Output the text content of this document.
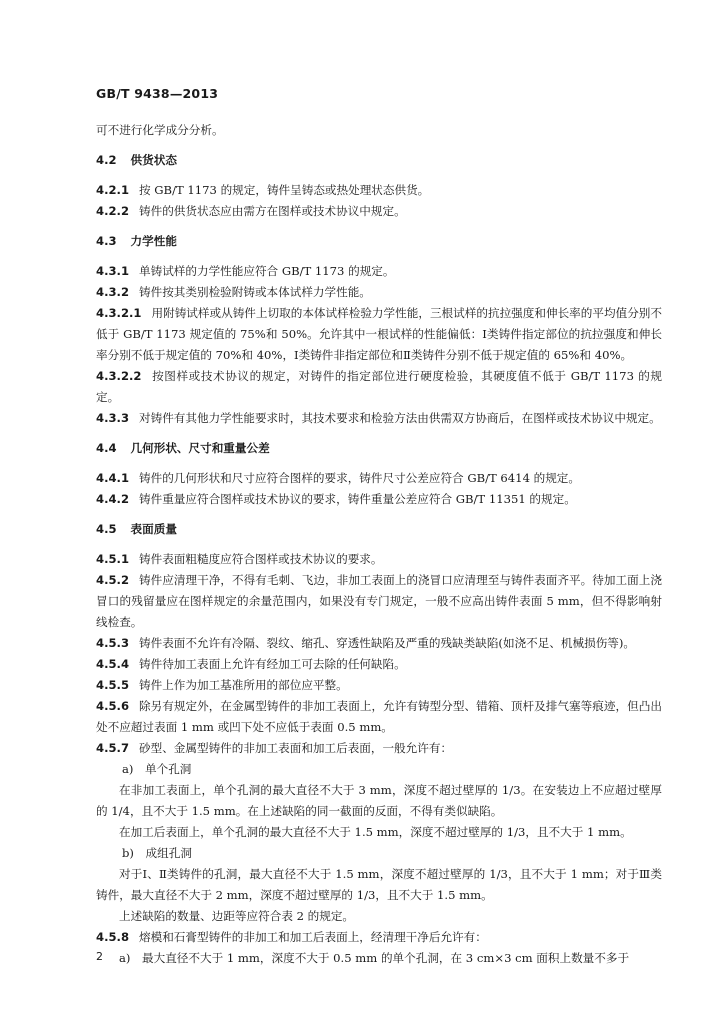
GB/T 9438—2013

可不进行化学成分分析。

4.2 供货状态

4.2.1 按 GB/T 1173 的规定，铸件呈铸态或热处理状态供货。

4.2.2 铸件的供货状态应由需方在图样或技术协议中规定。

4.3 力学性能

4.3.1 单铸试样的力学性能应符合 GB/T 1173 的规定。

4.3.2 铸件按其类别检验附铸或本体试样力学性能。

4.3.2.1 用附铸试样或从铸件上切取的本体试样检验力学性能，三根试样的抗拉强度和伸长率的平均值分别不低于 GB/T 1173 规定值的 75%和 50%。允许其中一根试样的性能偏低：Ⅰ类铸件指定部位的抗拉强度和伸长率分别不低于规定值的 70%和 40%，Ⅰ类铸件非指定部位和Ⅱ类铸件分别不低于规定值的 65%和 40%。

4.3.2.2 按图样或技术协议的规定，对铸件的指定部位进行硬度检验，其硬度值不低于 GB/T 1173 的规定。

4.3.3 对铸件有其他力学性能要求时，其技术要求和检验方法由供需双方协商后，在图样或技术协议中规定。

4.4 几何形状、尺寸和重量公差

4.4.1 铸件的几何形状和尺寸应符合图样的要求，铸件尺寸公差应符合 GB/T 6414 的规定。

4.4.2 铸件重量应符合图样或技术协议的要求，铸件重量公差应符合 GB/T 11351 的规定。

4.5 表面质量

4.5.1 铸件表面粗糙度应符合图样或技术协议的要求。

4.5.2 铸件应清理干净，不得有毛刺、飞边，非加工表面上的浇冒口应清理至与铸件表面齐平。待加工面上浇冒口的残留量应在图样规定的余量范围内，如果没有专门规定，一般不应高出铸件表面 5 mm，但不得影响射线检查。

4.5.3 铸件表面不允许有冷隔、裂纹、缩孔、穿透性缺陷及严重的残缺类缺陷(如浇不足、机械损伤等)。

4.5.4 铸件待加工表面上允许有经加工可去除的任何缺陷。

4.5.5 铸件上作为加工基准所用的部位应平整。

4.5.6 除另有规定外，在金属型铸件的非加工表面上，允许有铸型分型、错箱、顶杆及排气塞等痕迹，但凸出处不应超过表面 1 mm 或凹下处不应低于表面 0.5 mm。

4.5.7 砂型、金属型铸件的非加工表面和加工后表面，一般允许有：

a)　单个孔洞

在非加工表面上，单个孔洞的最大直径不大于 3 mm，深度不超过壁厚的 1/3。在安装边上不应超过壁厚的 1/4，且不大于 1.5 mm。在上述缺陷的同一截面的反面，不得有类似缺陷。

在加工后表面上，单个孔洞的最大直径不大于 1.5 mm，深度不超过壁厚的 1/3，且不大于 1 mm。

b)　成组孔洞

对于Ⅰ、Ⅱ类铸件的孔洞，最大直径不大于 1.5 mm，深度不超过壁厚的 1/3，且不大于 1 mm；对于Ⅲ类铸件，最大直径不大于 2 mm，深度不超过壁厚的 1/3，且不大于 1.5 mm。

上述缺陷的数量、边距等应符合表 2 的规定。

4.5.8 熔模和石膏型铸件的非加工和加工后表面上，经清理干净后允许有：

a)　最大直径不大于 1 mm，深度不大于 0.5 mm 的单个孔洞，在 3 cm×3 cm 面积上数量不多于

2
